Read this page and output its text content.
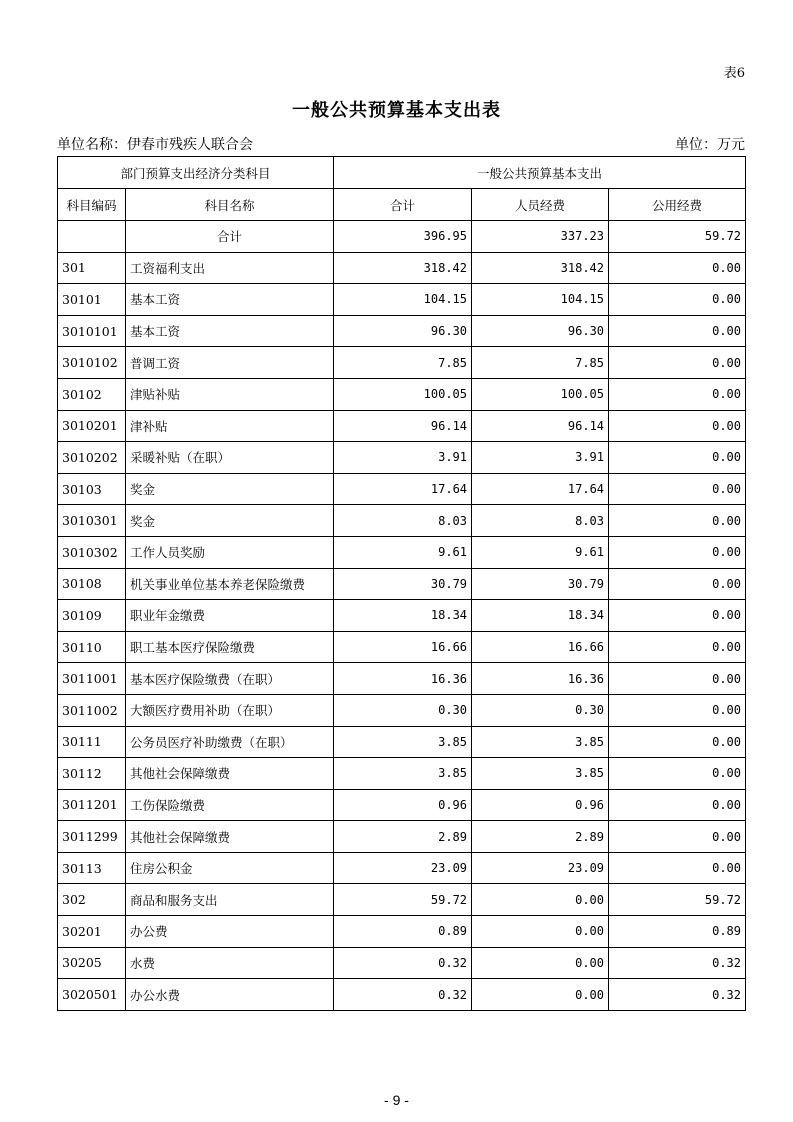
表6
一般公共预算基本支出表
单位名称：伊春市残疾人联合会	单位：万元
部门预算支出经济分类科目		一般公共预算基本支出		
科目编码	科目名称	合计	人员经费	公用经费
	合计	396.95	337.23	59.72
301	工资福利支出	318.42	318.42	0.00
30101	基本工资	104.15	104.15	0.00
3010101	基本工资	96.30	96.30	0.00
3010102	普调工资	7.85	7.85	0.00
30102	津贴补贴	100.05	100.05	0.00
3010201	津补贴	96.14	96.14	0.00
3010202	采暖补贴（在职）	3.91	3.91	0.00
30103	奖金	17.64	17.64	0.00
3010301	奖金	8.03	8.03	0.00
3010302	工作人员奖励	9.61	9.61	0.00
30108	机关事业单位基本养老保险缴费	30.79	30.79	0.00
30109	职业年金缴费	18.34	18.34	0.00
30110	职工基本医疗保险缴费	16.66	16.66	0.00
3011001	基本医疗保险缴费（在职）	16.36	16.36	0.00
3011002	大额医疗费用补助（在职）	0.30	0.30	0.00
30111	公务员医疗补助缴费（在职）	3.85	3.85	0.00
30112	其他社会保障缴费	3.85	3.85	0.00
3011201	工伤保险缴费	0.96	0.96	0.00
3011299	其他社会保障缴费	2.89	2.89	0.00
30113	住房公积金	23.09	23.09	0.00
302	商品和服务支出	59.72	0.00	59.72
30201	办公费	0.89	0.00	0.89
30205	水费	0.32	0.00	0.32
3020501	办公水费	0.32	0.00	0.32
- 9 -
